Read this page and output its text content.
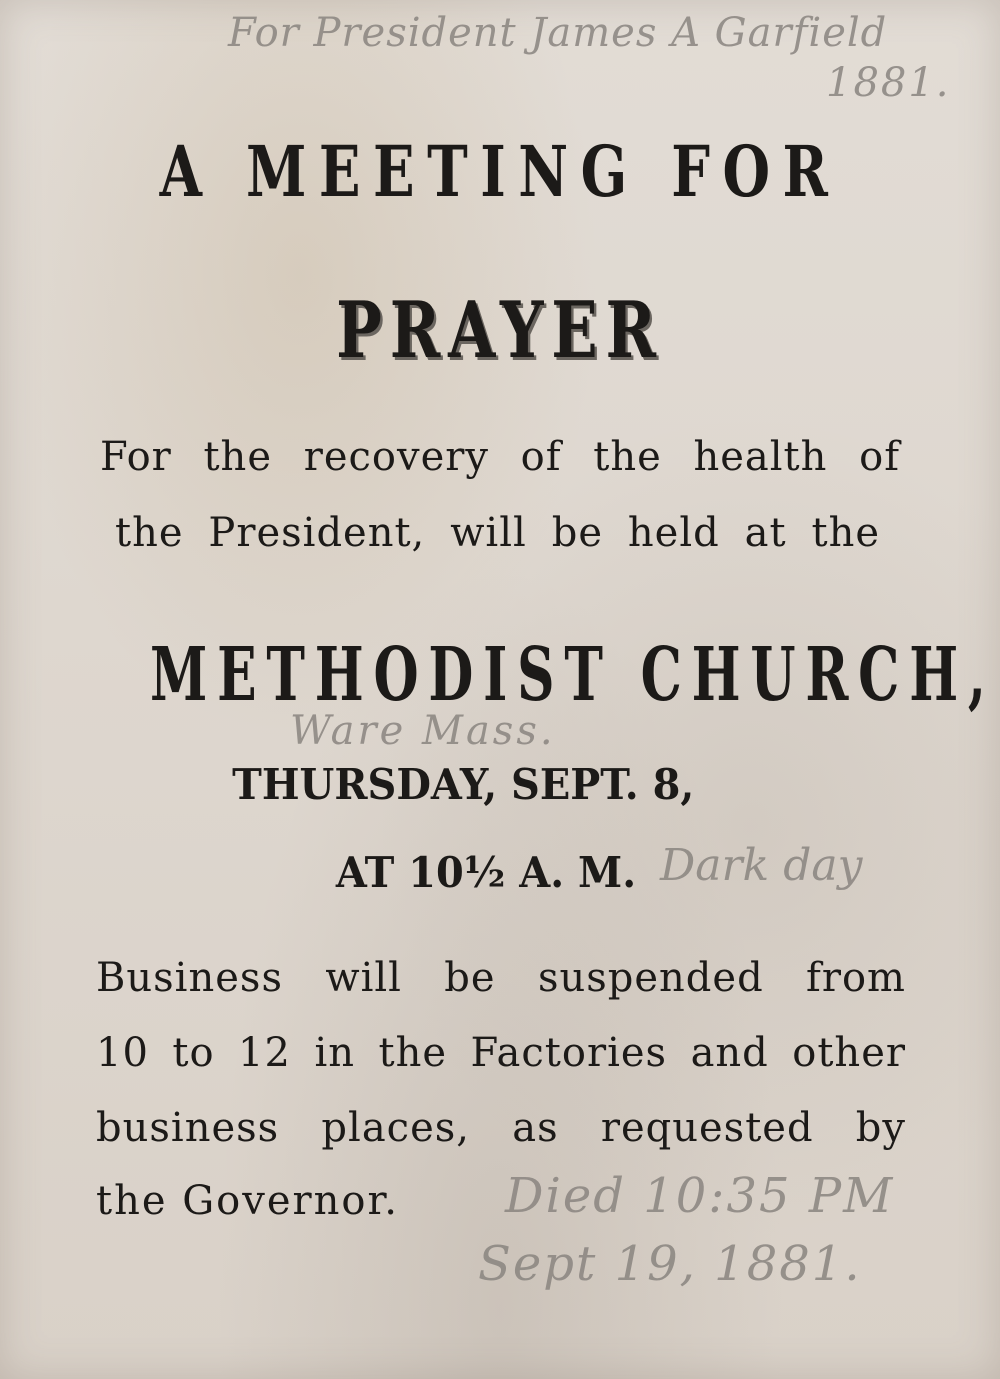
For President James A Garfield
1881.
A MEETING FOR
PRAYER
For the recovery of the health of
the President, will be held at the
METHODIST CHURCH,
Ware Mass.
THURSDAY, SEPT. 8,
AT 10½ A. M. Dark day
Business will be suspended from
10 to 12 in the Factories and other
business places, as requested by
the Governor. Died 10:35 PM
Sept 19, 1881.
